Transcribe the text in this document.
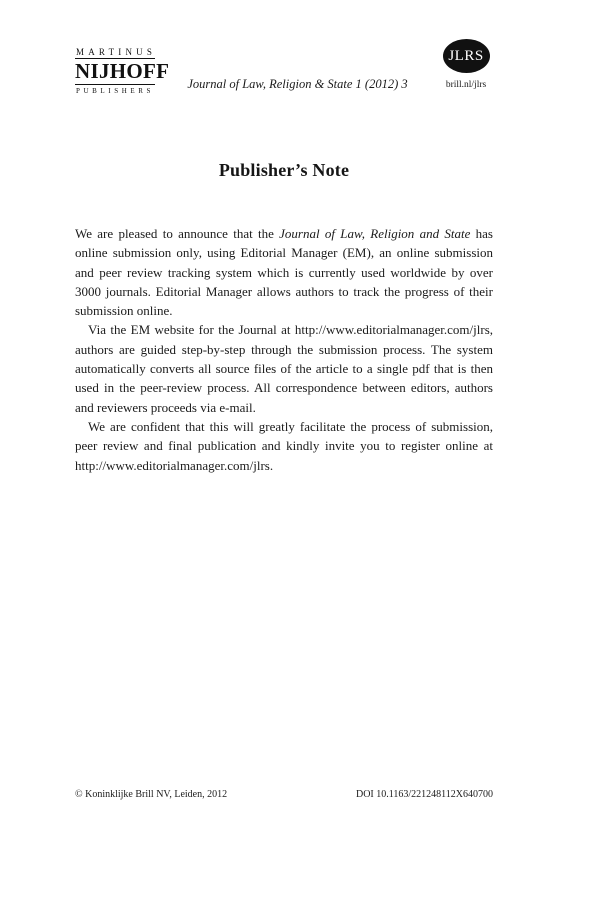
MARTINUS
NIJHOFF
PUBLISHERS	Journal of Law, Religion & State 1 (2012) 3
JLRS
brill.nl/jlrs
Publisher’s Note

We are pleased to announce that the Journal of Law, Religion and State has online submission only, using Editorial Manager (EM), an online submission and peer review tracking system which is currently used worldwide by over 3000 journals. Editorial Manager allows authors to track the progress of their submission online.

Via the EM website for the Journal at http://www.editorialmanager.com/jlrs, authors are guided step-by-step through the submission process. The system automatically converts all source files of the article to a single pdf that is then used in the peer-review process. All correspondence between editors, authors and reviewers proceeds via e-mail.

We are confident that this will greatly facilitate the process of submission, peer review and final publication and kindly invite you to register online at http://www.editorialmanager.com/jlrs.

© Koninklijke Brill NV, Leiden, 2012	DOI 10.1163/221248112X640700
